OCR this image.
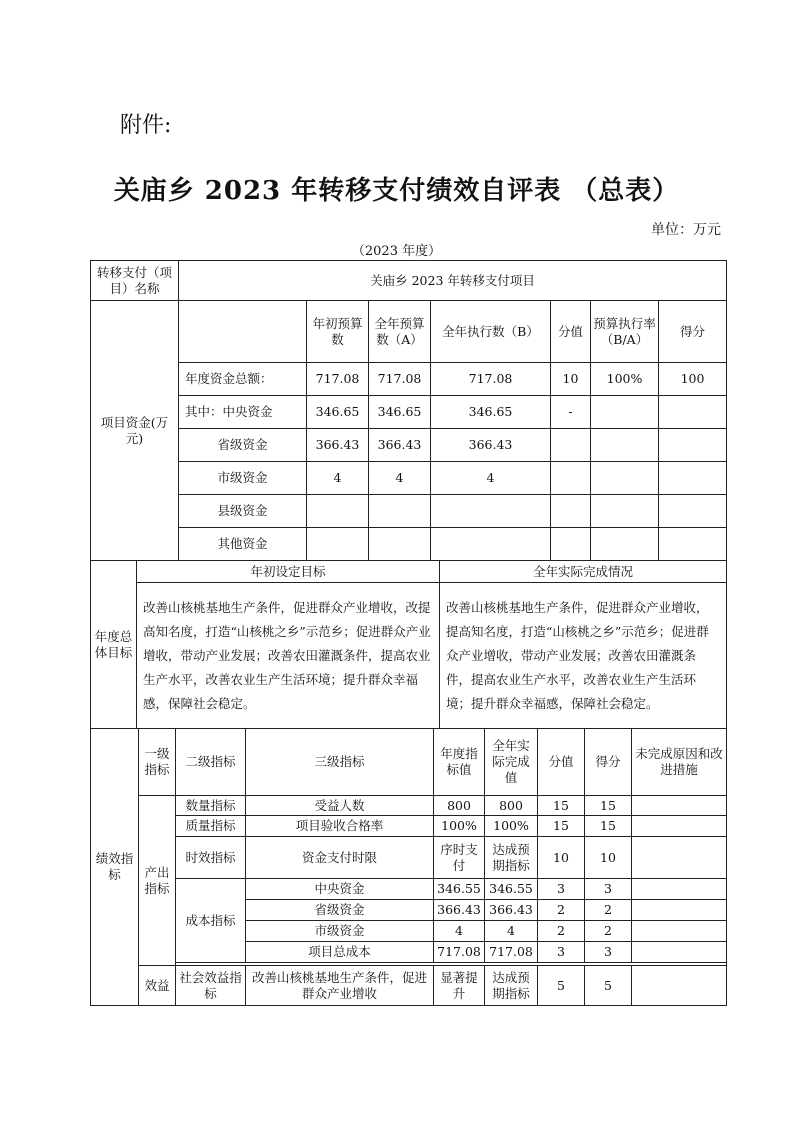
附件:
关庙乡 2023 年转移支付绩效自评表 （总表）
单位：万元
（2023 年度）
转移支付（项目）名称	关庙乡 2023 年转移支付项目						
项目资金(万元)		年初预算数	全年预算数（A）	全年执行数（B）	分值	预算执行率（B/A）	得分
	年度资金总额：	717.08	717.08	717.08	10	100%	100
	其中：中央资金	346.65	346.65	346.65	-		
	省级资金	366.43	366.43	366.43			
	市级资金	4	4	4			
	县级资金						
	其他资金						
年度总体目标	年初设定目标	全年实际完成情况
	改善山核桃基地生产条件，促进群众产业增收，改提高知名度，打造“山核桃之乡”示范乡；促进群众产业增收，带动产业发展；改善农田灌溉条件，提高农业生产水平，改善农业生产生活环境；提升群众幸福感，保障社会稳定。	改善山核桃基地生产条件，促进群众产业增收，提高知名度，打造“山核桃之乡”示范乡；促进群众产业增收，带动产业发展；改善农田灌溉条件，提高农业生产水平，改善农业生产生活环境；提升群众幸福感，保障社会稳定。
绩效指标	一级指标	二级指标	三级指标	年度指标值	全年实际完成值	分值	得分	未完成原因和改进措施
	产出指标	数量指标	受益人数	800	800	15	15	
		质量指标	项目验收合格率	100%	100%	15	15	
		时效指标	资金支付时限	序时支付	达成预期指标	10	10	
		成本指标	中央资金	346.55	346.55	3	3	
			省级资金	366.43	366.43	2	2	
			市级资金	4	4	2	2	
			项目总成本	717.08	717.08	3	3	

	效益	社会效益指标	改善山核桃基地生产条件，促进群众产业增收	显著提升	达成预期指标	5	5	
